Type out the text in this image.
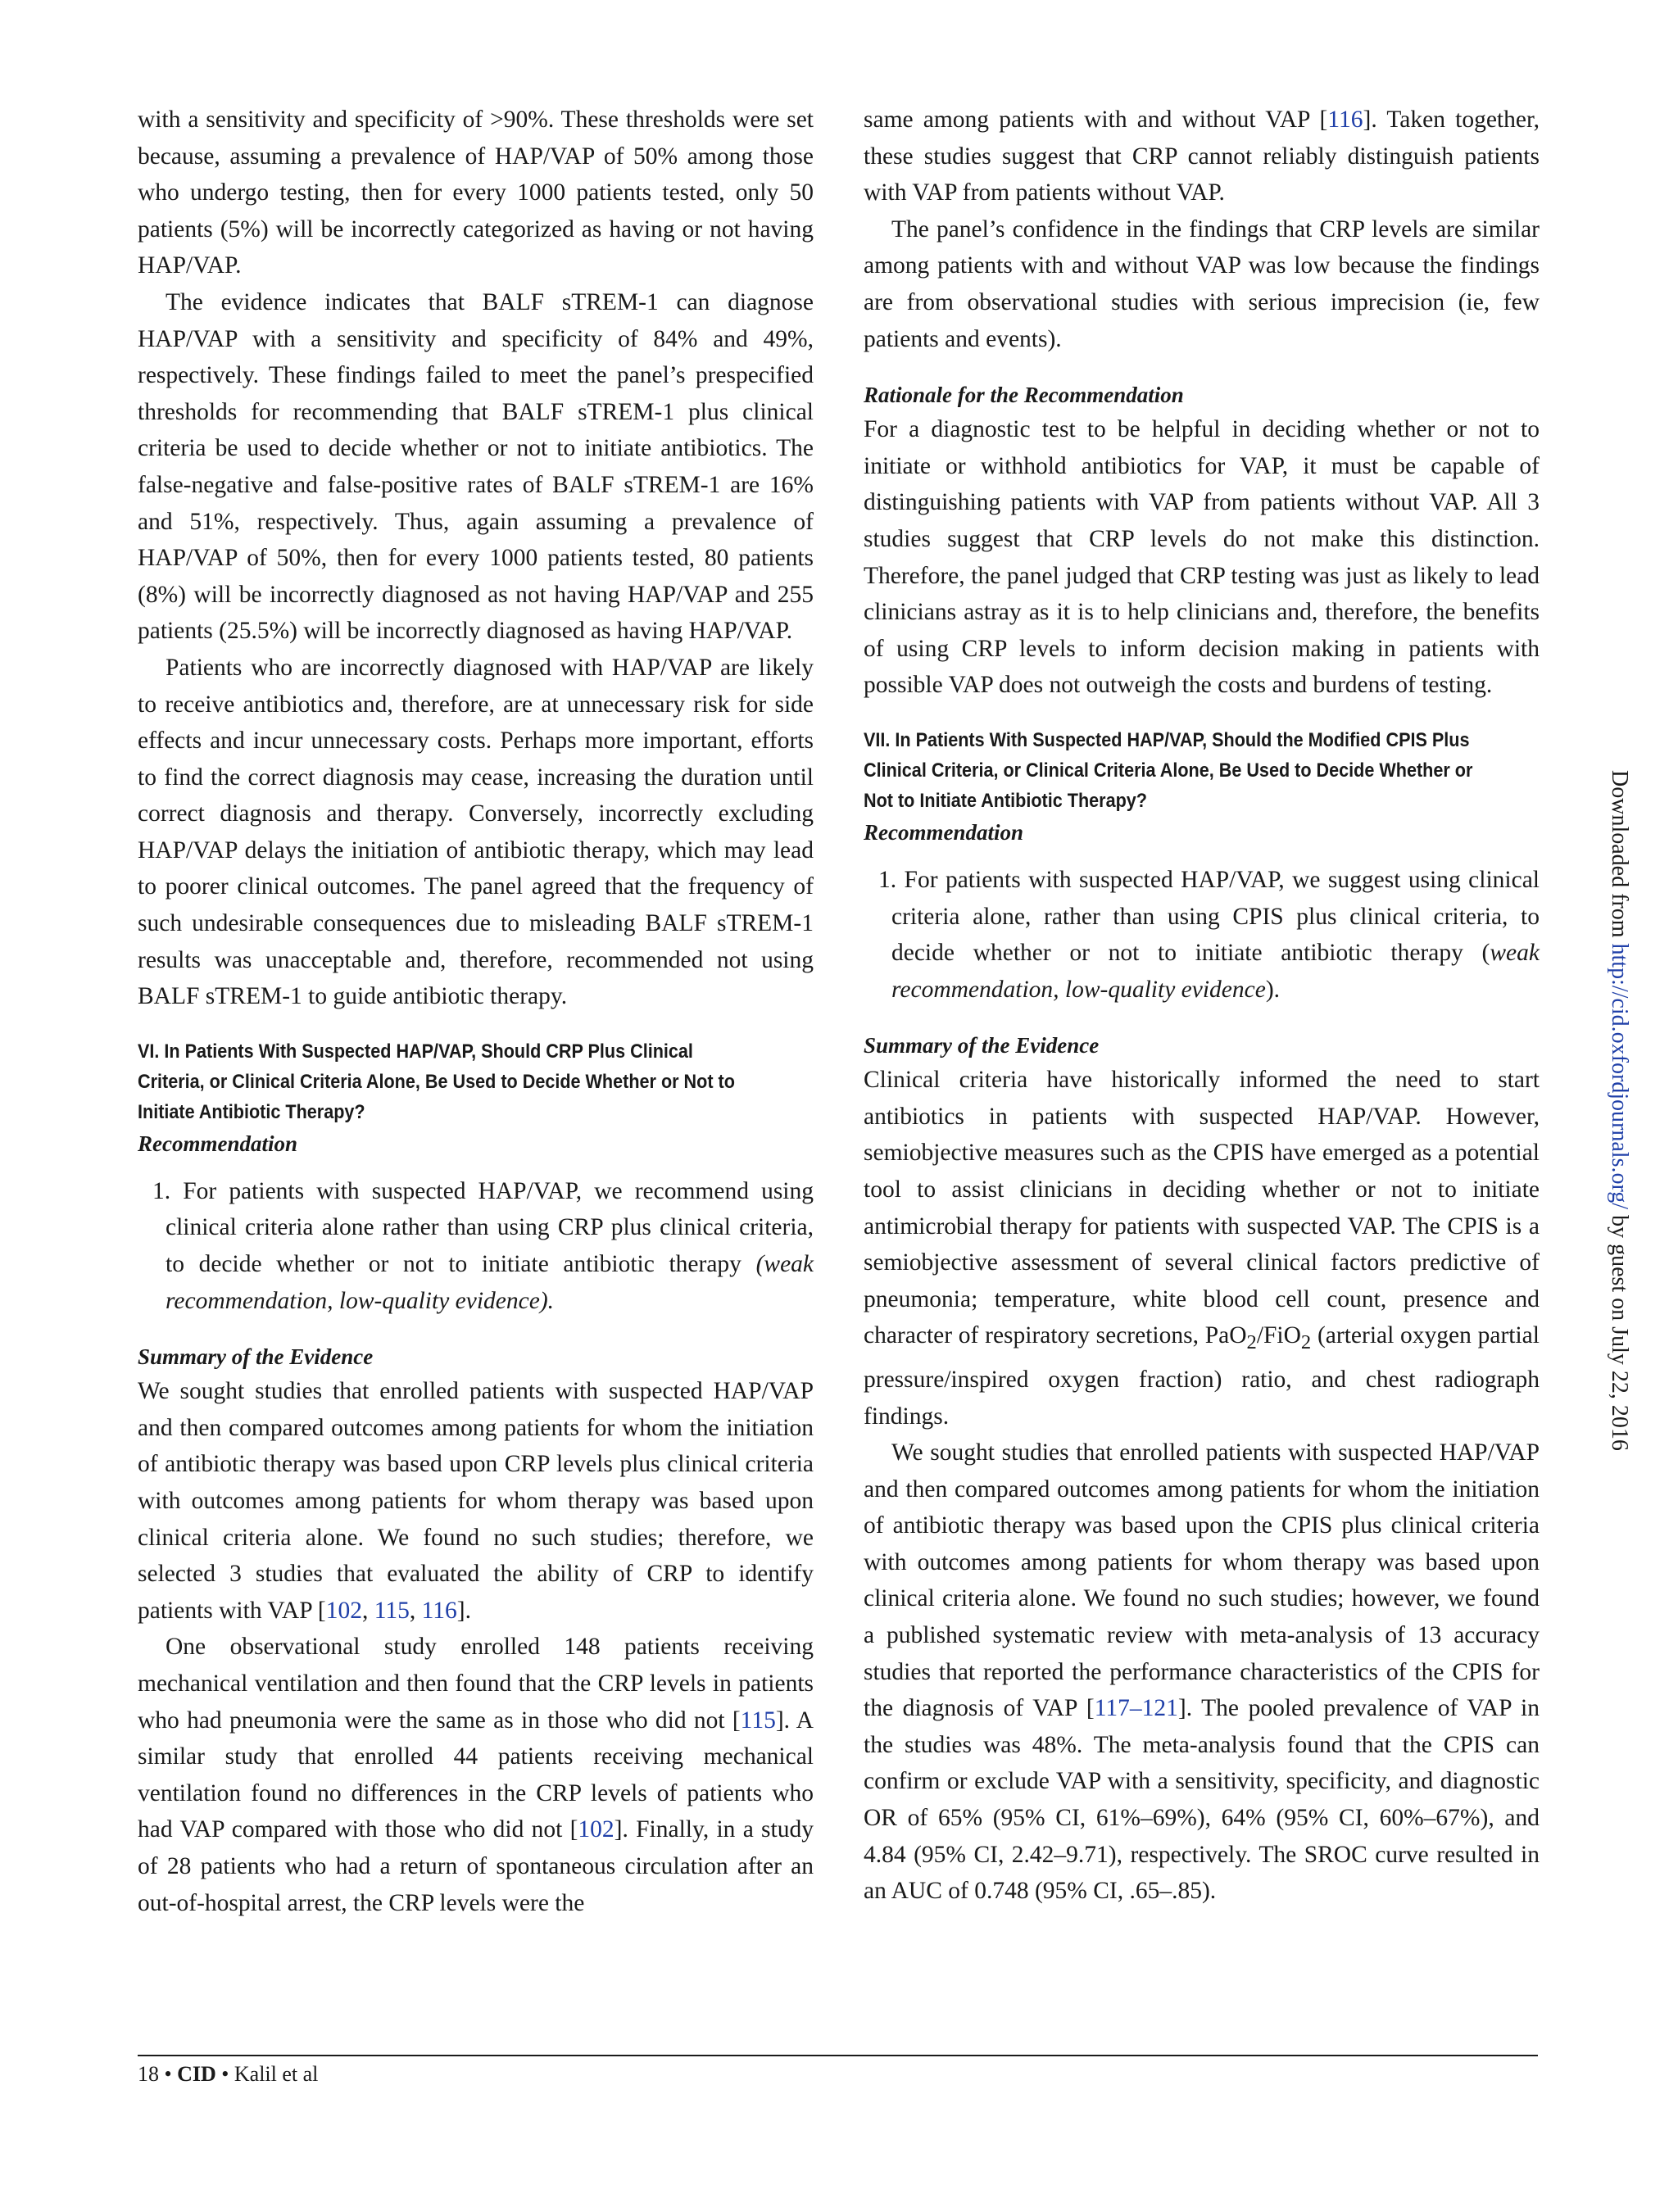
with a sensitivity and specificity of >90%. These thresholds were set because, assuming a prevalence of HAP/VAP of 50% among those who undergo testing, then for every 1000 patients tested, only 50 patients (5%) will be incorrectly categorized as having or not having HAP/VAP.

The evidence indicates that BALF sTREM-1 can diagnose HAP/VAP with a sensitivity and specificity of 84% and 49%, respectively. These findings failed to meet the panel’s prespecified thresholds for recommending that BALF sTREM-1 plus clinical criteria be used to decide whether or not to initiate antibiotics. The false-negative and false-positive rates of BALF sTREM-1 are 16% and 51%, respectively. Thus, again assuming a prevalence of HAP/VAP of 50%, then for every 1000 patients tested, 80 patients (8%) will be incorrectly diagnosed as not having HAP/VAP and 255 patients (25.5%) will be incorrectly diagnosed as having HAP/VAP.

Patients who are incorrectly diagnosed with HAP/VAP are likely to receive antibiotics and, therefore, are at unnecessary risk for side effects and incur unnecessary costs. Perhaps more important, efforts to find the correct diagnosis may cease, increasing the duration until correct diagnosis and therapy. Conversely, incorrectly excluding HAP/VAP delays the initiation of antibiotic therapy, which may lead to poorer clinical outcomes. The panel agreed that the frequency of such undesirable consequences due to misleading BALF sTREM-1 results was unacceptable and, therefore, recommended not using BALF sTREM-1 to guide antibiotic therapy.

VI. In Patients With Suspected HAP/VAP, Should CRP Plus Clinical
Criteria, or Clinical Criteria Alone, Be Used to Decide Whether or Not to
Initiate Antibiotic Therapy?

Recommendation

1. For patients with suspected HAP/VAP, we recommend using clinical criteria alone rather than using CRP plus clinical criteria, to decide whether or not to initiate antibiotic therapy (weak recommendation, low-quality evidence).

Summary of the Evidence

We sought studies that enrolled patients with suspected HAP/VAP and then compared outcomes among patients for whom the initiation of antibiotic therapy was based upon CRP levels plus clinical criteria with outcomes among patients for whom therapy was based upon clinical criteria alone. We found no such studies; therefore, we selected 3 studies that evaluated the ability of CRP to identify patients with VAP [102, 115, 116].

One observational study enrolled 148 patients receiving mechanical ventilation and then found that the CRP levels in patients who had pneumonia were the same as in those who did not [115]. A similar study that enrolled 44 patients receiving mechanical ventilation found no differences in the CRP levels of patients who had VAP compared with those who did not [102]. Finally, in a study of 28 patients who had a return of spontaneous circulation after an out-of-hospital arrest, the CRP levels were the

same among patients with and without VAP [116]. Taken together, these studies suggest that CRP cannot reliably distinguish patients with VAP from patients without VAP.

The panel’s confidence in the findings that CRP levels are similar among patients with and without VAP was low because the findings are from observational studies with serious imprecision (ie, few patients and events).

Rationale for the Recommendation

For a diagnostic test to be helpful in deciding whether or not to initiate or withhold antibiotics for VAP, it must be capable of distinguishing patients with VAP from patients without VAP. All 3 studies suggest that CRP levels do not make this distinction. Therefore, the panel judged that CRP testing was just as likely to lead clinicians astray as it is to help clinicians and, therefore, the benefits of using CRP levels to inform decision making in patients with possible VAP does not outweigh the costs and burdens of testing.

VII. In Patients With Suspected HAP/VAP, Should the Modified CPIS Plus
Clinical Criteria, or Clinical Criteria Alone, Be Used to Decide Whether or
Not to Initiate Antibiotic Therapy?

Recommendation

1. For patients with suspected HAP/VAP, we suggest using clinical criteria alone, rather than using CPIS plus clinical criteria, to decide whether or not to initiate antibiotic therapy (weak recommendation, low-quality evidence).

Summary of the Evidence

Clinical criteria have historically informed the need to start antibiotics in patients with suspected HAP/VAP. However, semiobjective measures such as the CPIS have emerged as a potential tool to assist clinicians in deciding whether or not to initiate antimicrobial therapy for patients with suspected VAP. The CPIS is a semiobjective assessment of several clinical factors predictive of pneumonia; temperature, white blood cell count, presence and character of respiratory secretions, PaO$_2$/FiO$_2$ (arterial oxygen partial pressure/inspired oxygen fraction) ratio, and chest radiograph findings.

We sought studies that enrolled patients with suspected HAP/VAP and then compared outcomes among patients for whom the initiation of antibiotic therapy was based upon the CPIS plus clinical criteria with outcomes among patients for whom therapy was based upon clinical criteria alone. We found no such studies; however, we found a published systematic review with meta-analysis of 13 accuracy studies that reported the performance characteristics of the CPIS for the diagnosis of VAP [117–121]. The pooled prevalence of VAP in the studies was 48%. The meta-analysis found that the CPIS can confirm or exclude VAP with a sensitivity, specificity, and diagnostic OR of 65% (95% CI, 61%–69%), 64% (95% CI, 60%–67%), and 4.84 (95% CI, 2.42–9.71), respectively. The SROC curve resulted in an AUC of 0.748 (95% CI, .65–.85).

18 • CID • Kalil et al
Downloaded from http://cid.oxfordjournals.org/ by guest on July 22, 2016
